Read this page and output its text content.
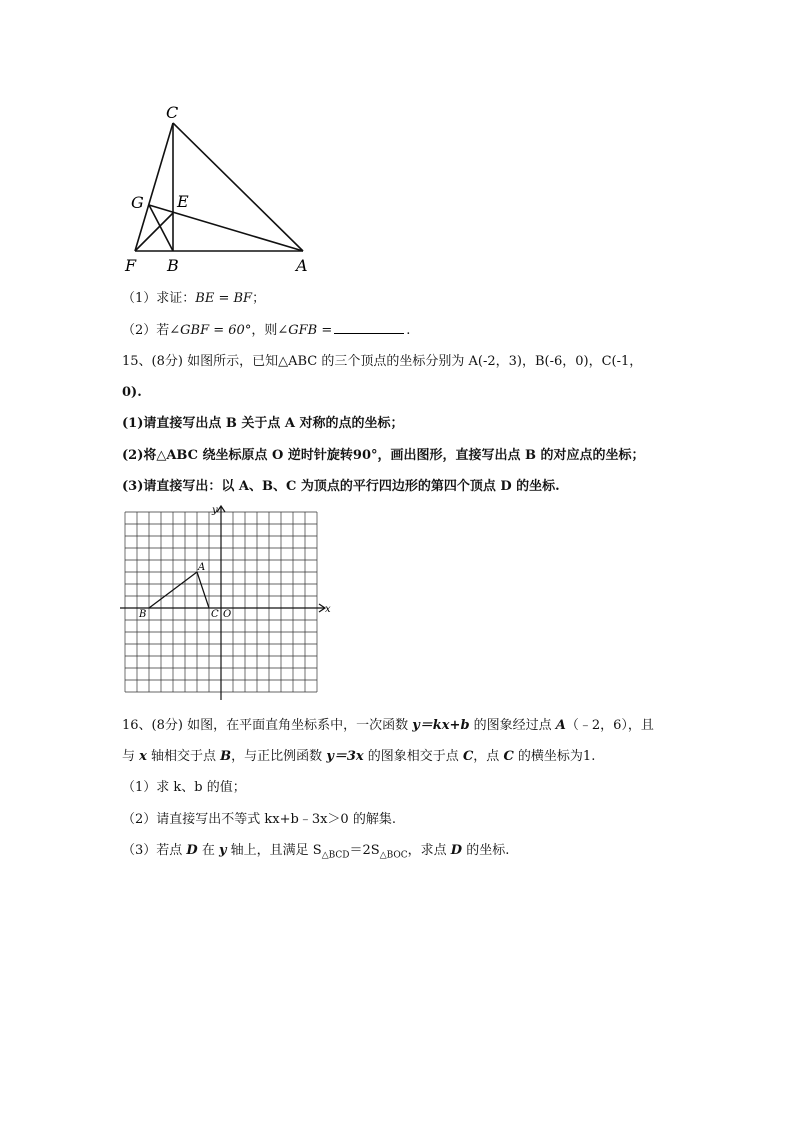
C
G E
F B	A
（1）求证：BE = BF；
（2）若∠GBF = 60°，则∠GFB =	.
15、(8分) 如图所示，已知△ABC 的三个顶点的坐标分别为 A(-2，3)，B(-6，0)，C(-1，
0).
(1)请直接写出点 B 关于点 A 对称的点的坐标；
(2)将△ABC 绕坐标原点 O 逆时针旋转90°，画出图形，直接写出点 B 的对应点的坐标；
(3)请直接写出：以 A、B、C 为顶点的平行四边形的第四个顶点 D 的坐标.
y
x
A
B	C O
16、(8分) 如图，在平面直角坐标系中，一次函数 y＝kx+b 的图象经过点 A（﹣2，6），且
与 x 轴相交于点 B，与正比例函数 y＝3x 的图象相交于点 C，点 C 的横坐标为1.
（1）求 k、b 的值；
（2）请直接写出不等式 kx+b﹣3x＞0 的解集.
（3）若点 D 在 y 轴上，且满足 $S_{\triangle BCD}=2S_{\triangle BOC}$，求点 D 的坐标.
